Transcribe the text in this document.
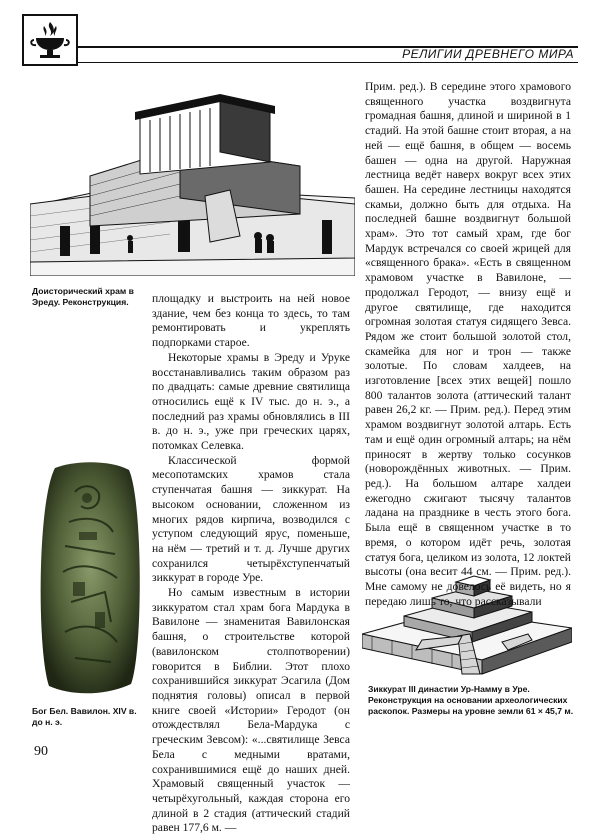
РЕЛИГИИ ДРЕВНЕГО МИРА
Доисторический храм в Эреду. Реконструкция.
Бог Бел. Вавилон. XIV в. до н. э.
Зиккурат III династии Ур-Намму в Уре. Реконструкция на основании археологических раскопок. Размеры на уровне земли 61 × 45,7 м.

площадку и выстроить на ней новое здание, чем без конца то здесь, то там ремонтировать и укреплять подпорками старое.

Некоторые храмы в Эреду и Уруке восстанавливались таким образом раз по двадцать: самые древние святилища относились ещё к IV тыс. до н. э., а последний раз храмы обновлялись в III в. до н. э., уже при греческих царях, потомках Селевка.

Классической формой месопотамских храмов стала ступенчатая башня — зиккурат. На высоком основании, сложенном из многих рядов кирпича, возводился с уступом следующий ярус, поменьше, на нём — третий и т. д. Лучше других сохранился четырёхступенчатый зиккурат в городе Уре.

Но самым известным в истории зиккуратом стал храм бога Мардука в Вавилоне — знаменитая Вавилонская башня, о строительстве которой (вавилонском столпотворении) говорится в Библии. Этот плохо сохранившийся зиккурат Эсагила (Дом поднятия головы) описал в первой книге своей «Истории» Геродот (он отождествлял Бела-Мардука с греческим Зевсом): «...святилище Зевса Бела с медными вратами, сохранившимися ещё до наших дней. Храмовый священный участок — четырёхугольный, каждая сторона его длиной в 2 стадия (аттический стадий равен 177,6 м. —

Прим. ред.). В середине этого храмового священного участка воздвигнута громадная башня, длиной и шириной в 1 стадий. На этой башне стоит вторая, а на ней — ещё башня, в общем — восемь башен — одна на другой. Наружная лестница ведёт наверх вокруг всех этих башен. На середине лестницы находятся скамьи, должно быть для отдыха. На последней башне воздвигнут большой храм». Это тот самый храм, где бог Мардук встречался со своей жрицей для «священного брака». «Есть в священном храмовом участке в Вавилоне, — продолжал Геродот, — внизу ещё и другое святилище, где находится огромная золотая статуя сидящего Зевса. Рядом же стоит большой золотой стол, скамейка для ног и трон — также золотые. По словам халдеев, на изготовление [всех этих вещей] пошло 800 талантов золота (аттический талант равен 26,2 кг. — Прим. ред.). Перед этим храмом воздвигнут золотой алтарь. Есть там и ещё один огромный алтарь; на нём приносят в жертву только сосунков (новорождённых животных. — Прим. ред.). На большом алтаре халдеи ежегодно сжигают тысячу талантов ладана на празднике в честь этого бога. Была ещё в священном участке в то время, о котором идёт речь, золотая статуя бога, целиком из золота, 12 локтей высоты (она весит 44 см. — Прим. ред.). Мне самому не довелось её видеть, но я передаю лишь то, что рассказывали

90
